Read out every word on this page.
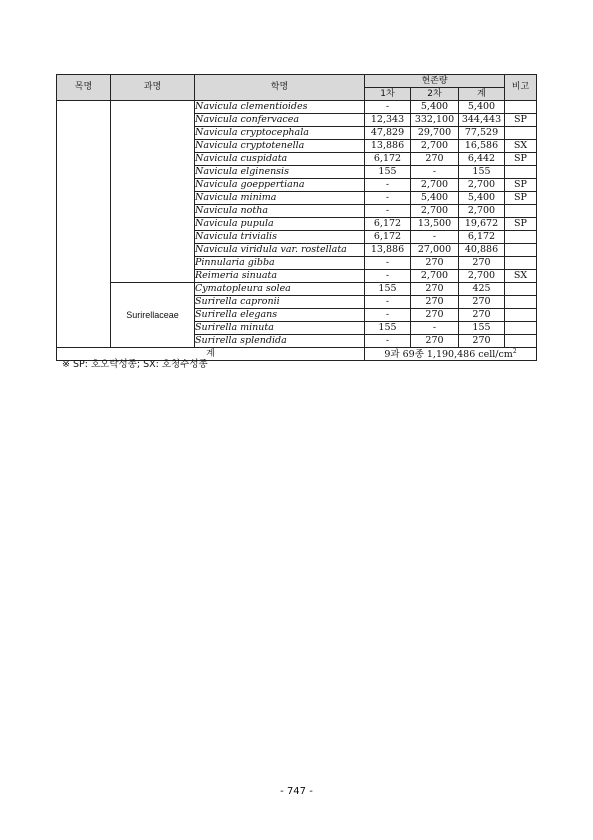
목명	과명	학명	현존량			비고
			1차	2차	계	
		Navicula clementioides	-	5,400	5,400	
		Navicula confervacea	12,343	332,100	344,443	SP
		Navicula cryptocephala	47,829	29,700	77,529	
		Navicula cryptotenella	13,886	2,700	16,586	SX
		Navicula cuspidata	6,172	270	6,442	SP
		Navicula elginensis	155	-	155	
		Navicula goeppertiana	-	2,700	2,700	SP
		Navicula minima	-	5,400	5,400	SP
		Navicula notha	-	2,700	2,700	
		Navicula pupula	6,172	13,500	19,672	SP
		Navicula trivialis	6,172	-	6,172	
		Navicula viridula var. rostellata	13,886	27,000	40,886	
		Pinnularia gibba	-	270	270	
		Reimeria sinuata	-	2,700	2,700	SX
	Surirellaceae	Cymatopleura solea	155	270	425	
		Surirella capronii	-	270	270	
		Surirella elegans	-	270	270	
		Surirella minuta	155	-	155	
		Surirella splendida	-	270	270	
계			9과 69종 1,190,486 cell/$cm^2$
※ SP: 호오탁성종; SX: 호청수성종
- 747 -
